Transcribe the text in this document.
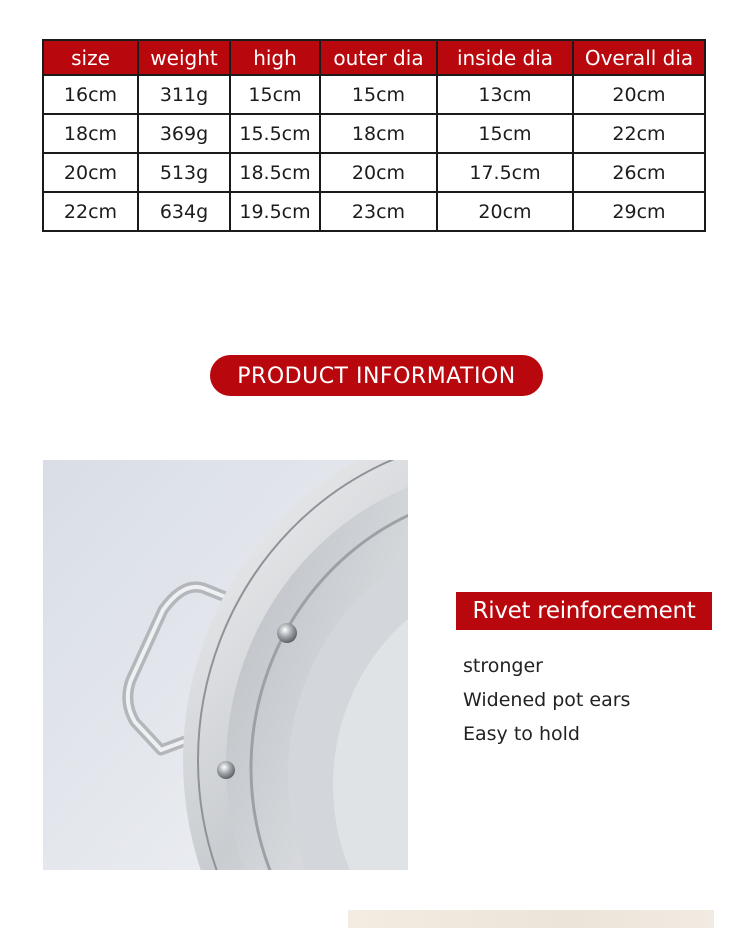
size	weight	high	outer dia	inside dia	Overall dia
16cm	311g	15cm	15cm	13cm	20cm
18cm	369g	15.5cm	18cm	15cm	22cm
20cm	513g	18.5cm	20cm	17.5cm	26cm
22cm	634g	19.5cm	23cm	20cm	29cm
PRODUCT INFORMATION
Rivet reinforcement
stronger
Widened pot ears
Easy to hold
